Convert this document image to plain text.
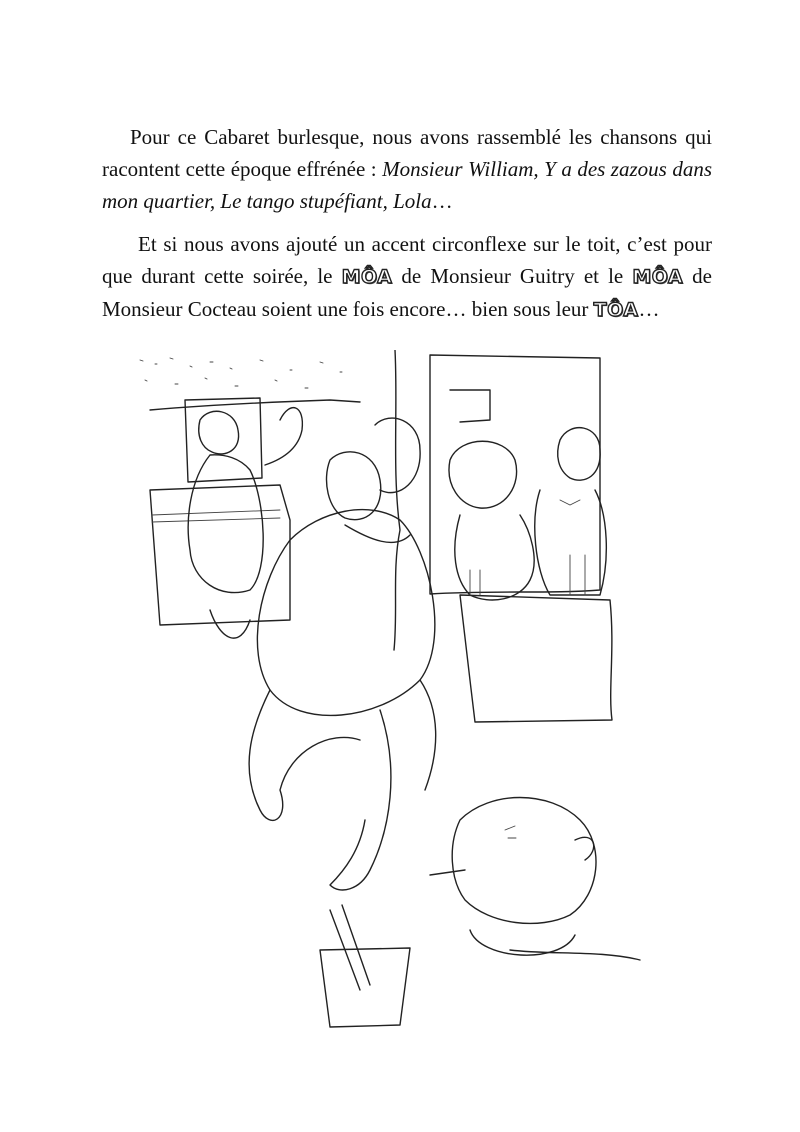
Pour ce Cabaret burlesque, nous avons rassemblé les chansons qui racontent cette époque effrénée : Monsieur William, Y a des zazous dans mon quartier, Le tango stupéfiant, Lola…

Et si nous avons ajouté un accent circonflexe sur le toit, c’est pour que durant cette soirée, le MÔA de Monsieur Guitry et le MÔA de Monsieur Cocteau soient une fois encore… bien sous leur TÔA…
